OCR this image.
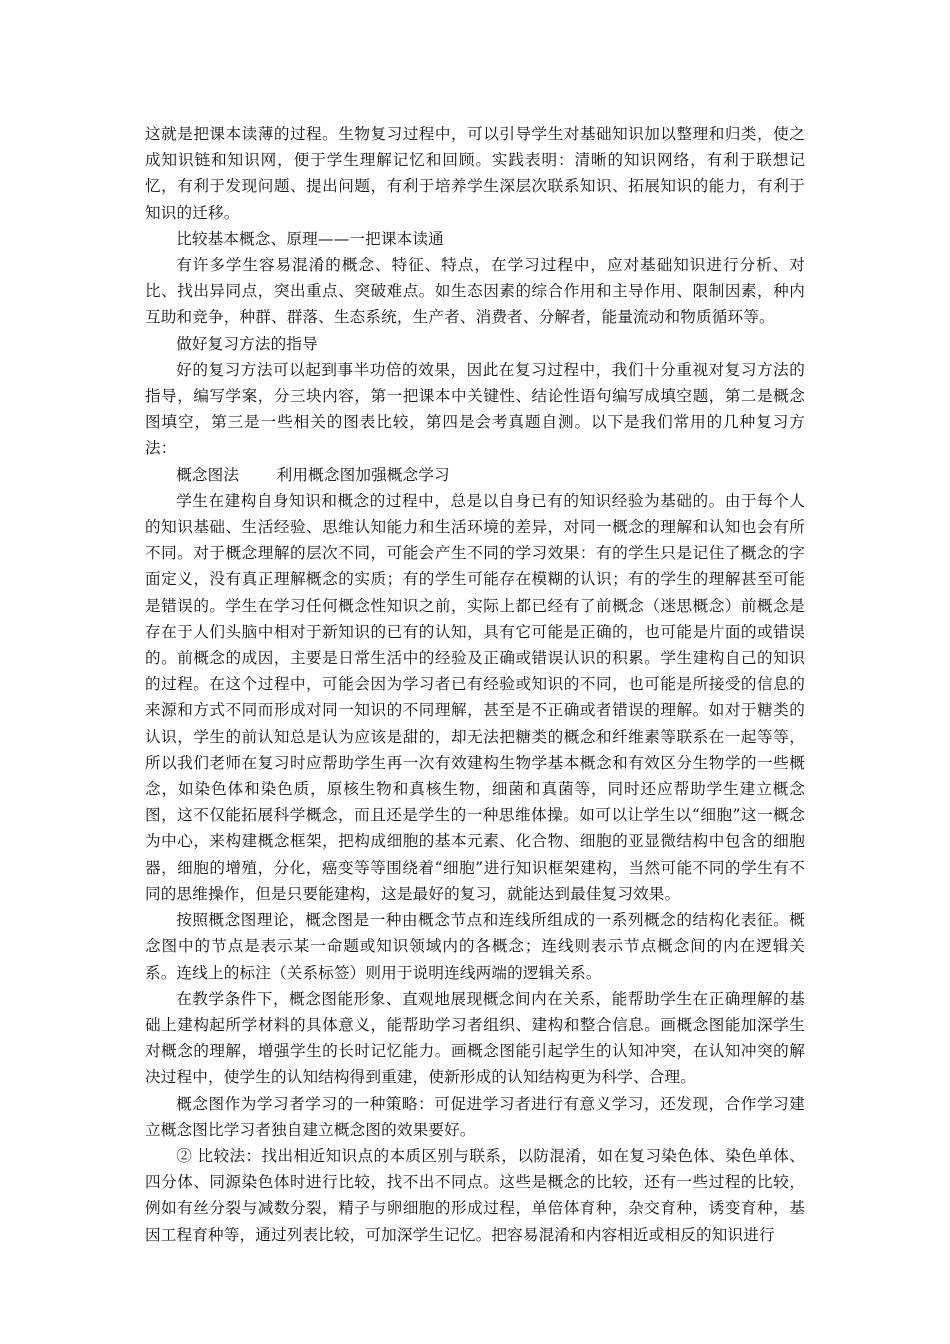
这就是把课本读薄的过程。生物复习过程中，可以引导学生对基础知识加以整理和归类，使之成知识链和知识网，便于学生理解记忆和回顾。实践表明：清晰的知识网络，有利于联想记忆，有利于发现问题、提出问题，有利于培养学生深层次联系知识、拓展知识的能力，有利于知识的迁移。

比较基本概念、原理——一把课本读通

有许多学生容易混淆的概念、特征、特点，在学习过程中，应对基础知识进行分析、对比、找出异同点，突出重点、突破难点。如生态因素的综合作用和主导作用、限制因素，种内互助和竞争，种群、群落、生态系统，生产者、消费者、分解者，能量流动和物质循环等。

做好复习方法的指导

好的复习方法可以起到事半功倍的效果，因此在复习过程中，我们十分重视对复习方法的指导，编写学案，分三块内容，第一把课本中关键性、结论性语句编写成填空题，第二是概念图填空，第三是一些相关的图表比较，第四是会考真题自测。以下是我们常用的几种复习方法：

概念图法 利用概念图加强概念学习

学生在建构自身知识和概念的过程中，总是以自身已有的知识经验为基础的。由于每个人的知识基础、生活经验、思维认知能力和生活环境的差异，对同一概念的理解和认知也会有所不同。对于概念理解的层次不同，可能会产生不同的学习效果：有的学生只是记住了概念的字面定义，没有真正理解概念的实质；有的学生可能存在模糊的认识；有的学生的理解甚至可能是错误的。学生在学习任何概念性知识之前，实际上都已经有了前概念（迷思概念）前概念是存在于人们头脑中相对于新知识的已有的认知，具有它可能是正确的，也可能是片面的或错误的。前概念的成因，主要是日常生活中的经验及正确或错误认识的积累。学生建构自己的知识的过程。在这个过程中，可能会因为学习者已有经验或知识的不同，也可能是所接受的信息的来源和方式不同而形成对同一知识的不同理解，甚至是不正确或者错误的理解。如对于糖类的认识，学生的前认知总是认为应该是甜的，却无法把糖类的概念和纤维素等联系在一起等等，所以我们老师在复习时应帮助学生再一次有效建构生物学基本概念和有效区分生物学的一些概念，如染色体和染色质，原核生物和真核生物，细菌和真菌等，同时还应帮助学生建立概念图，这不仅能拓展科学概念，而且还是学生的一种思维体操。如可以让学生以“细胞”这一概念为中心，来构建概念框架，把构成细胞的基本元素、化合物、细胞的亚显微结构中包含的细胞器，细胞的增殖，分化，癌变等等围绕着“细胞”进行知识框架建构，当然可能不同的学生有不同的思维操作，但是只要能建构，这是最好的复习，就能达到最佳复习效果。

按照概念图理论，概念图是一种由概念节点和连线所组成的一系列概念的结构化表征。概念图中的节点是表示某一命题或知识领域内的各概念；连线则表示节点概念间的内在逻辑关系。连线上的标注（关系标签）则用于说明连线两端的逻辑关系。

在教学条件下，概念图能形象、直观地展现概念间内在关系，能帮助学生在正确理解的基础上建构起所学材料的具体意义，能帮助学习者组织、建构和整合信息。画概念图能加深学生对概念的理解，增强学生的长时记忆能力。画概念图能引起学生的认知冲突，在认知冲突的解决过程中，使学生的认知结构得到重建，使新形成的认知结构更为科学、合理。

概念图作为学习者学习的一种策略：可促进学习者进行有意义学习，还发现，合作学习建立概念图比学习者独自建立概念图的效果要好。

② 比较法：找出相近知识点的本质区别与联系，以防混淆，如在复习染色体、染色单体、四分体、同源染色体时进行比较，找不出不同点。这些是概念的比较，还有一些过程的比较，例如有丝分裂与减数分裂，精子与卵细胞的形成过程，单倍体育种，杂交育种，诱变育种，基因工程育种等，通过列表比较，可加深学生记忆。把容易混淆和内容相近或相反的知识进行
